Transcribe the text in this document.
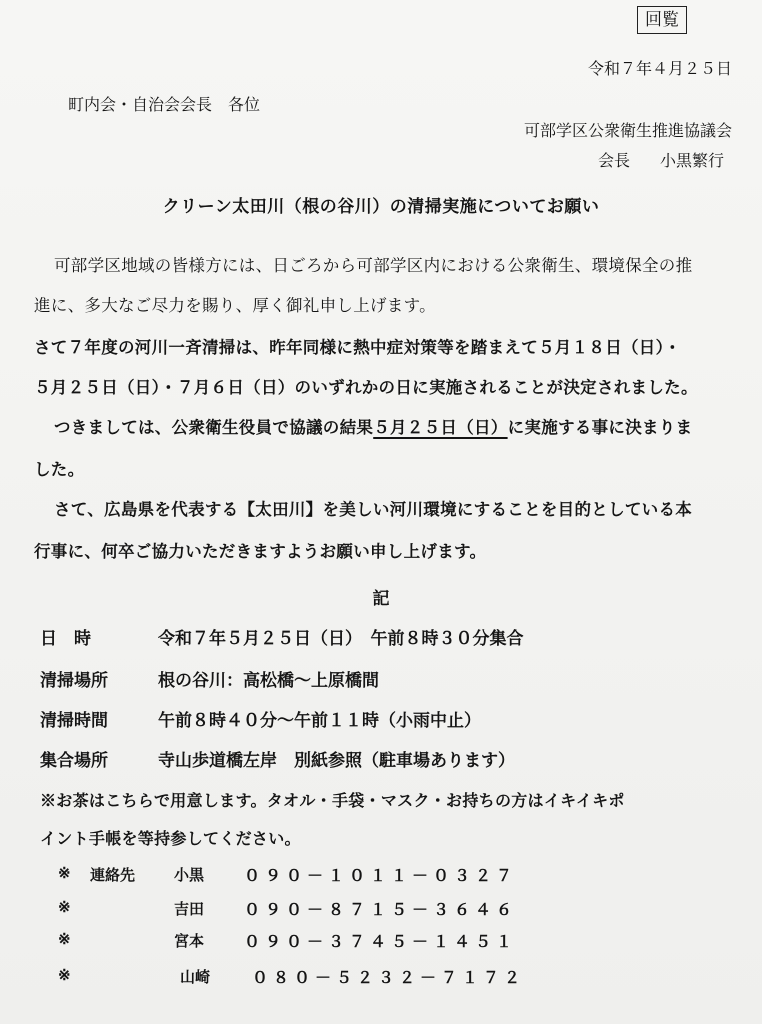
回覧
令和７年４月２５日
町内会・自治会会長　各位
可部学区公衆衛生推進協議会
会長 小黒繁行
クリーン太田川（根の谷川）の清掃実施についてお願い
可部学区地域の皆様方には、日ごろから可部学区内における公衆衛生、環境保全の推
進に、多大なご尽力を賜り、厚く御礼申し上げます。
さて７年度の河川一斉清掃は、昨年同様に熱中症対策等を踏まえて５月１８日（日）・
５月２５日（日）・７月６日（日）のいずれかの日に実施されることが決定されました。
つきましては、公衆衛生役員で協議の結果５月２５日（日）に実施する事に決まりま
した。
さて、広島県を代表する【太田川】を美しい河川環境にすることを目的としている本
行事に、何卒ご協力いただきますようお願い申し上げます。
記
日　時	令和７年５月２５日（日）　午前８時３０分集合
清掃場所	根の谷川：高松橋～上原橋間
清掃時間	午前８時４０分～午前１１時（小雨中止）
集合場所	寺山歩道橋左岸　別紙参照（駐車場あります）
※お茶はこちらで用意します。タオル・手袋・マスク・お持ちの方はイキイキポ
イント手帳を等持参してください。
※ 連絡先	小黒 ０９０－１０１１－０３２７
※	吉田 ０９０－８７１５－３６４６
※	宮本 ０９０－３７４５－１４５１
※	山崎	０８０－５２３２－７１７２
